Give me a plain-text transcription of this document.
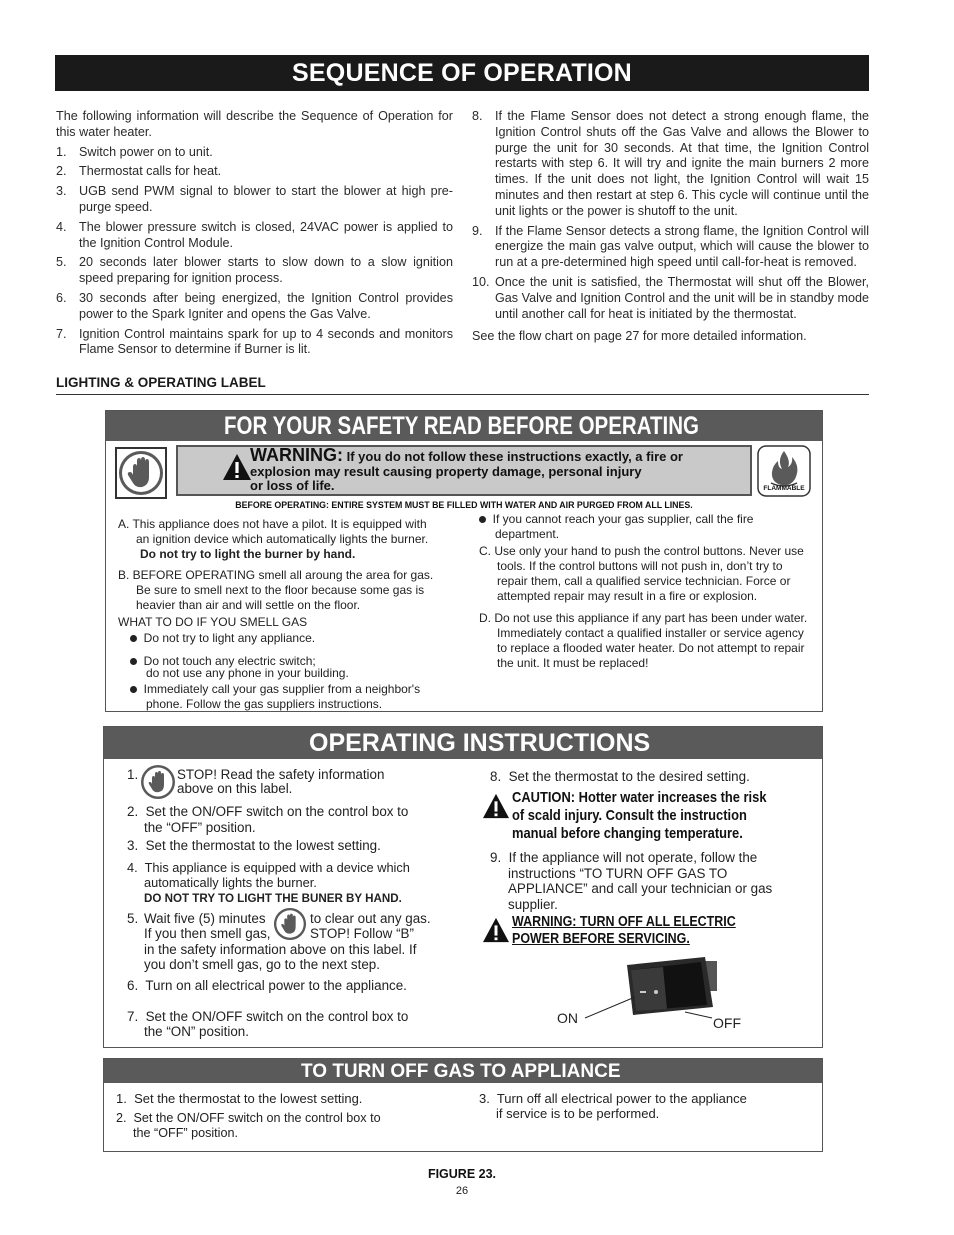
SEQUENCE OF OPERATION

The following information will describe the Sequence of Operation for this water heater.

1. Switch power on to unit.
2. Thermostat calls for heat.
3. UGB send PWM signal to blower to start the blower at high pre-purge speed.
4. The blower pressure switch is closed, 24VAC power is applied to the Ignition Control Module.
5. 20 seconds later blower starts to slow down to a slow ignition speed preparing for ignition process.
6. 30 seconds after being energized, the Ignition Control provides power to the Spark Igniter and opens the Gas Valve.
7. Ignition Control maintains spark for up to 4 seconds and monitors Flame Sensor to determine if Burner is lit.
8. If the Flame Sensor does not detect a strong enough flame, the Ignition Control shuts off the Gas Valve and allows the Blower to purge the unit for 30 seconds. At that time, the Ignition Control restarts with step 6. It will try and ignite the main burners 2 more times. If the unit does not light, the Ignition Control will wait 15 minutes and then restart at step 6. This cycle will continue until the unit lights or the power is shutoff to the unit.
9. If the Flame Sensor detects a strong flame, the Ignition Control will energize the main gas valve output, which will cause the blower to run at a pre-determined high speed until call-for-heat is removed.
10. Once the unit is satisfied, the Thermostat will shut off the Blower, Gas Valve and Ignition Control and the unit will be in standby mode until another call for heat is initiated by the thermostat.

See the flow chart on page 27 for more detailed information.

LIGHTING & OPERATING LABEL
FOR YOUR SAFETY READ BEFORE OPERATING
WARNING: If you do not follow these instructions exactly, a fire or
explosion may result causing property damage, personal injury
or loss of life.	FLAMMABLE
BEFORE OPERATING: ENTIRE SYSTEM MUST BE FILLED WITH WATER AND AIR PURGED FROM ALL LINES.
A. This appliance does not have a pilot. It is equipped with
an ignition device which automatically lights the burner.
Do not try to light the burner by hand.
B. BEFORE OPERATING smell all aroung the area for gas.
Be sure to smell next to the floor because some gas is
heavier than air and will settle on the floor.
WHAT TO DO IF YOU SMELL GAS
Do not try to light any appliance.
Do not touch any electric switch;
do not use any phone in your building.
Immediately call your gas supplier from a neighbor's
phone. Follow the gas suppliers instructions.
If you cannot reach your gas supplier, call the fire
department.
C. Use only your hand to push the control buttons. Never use
tools. If the control buttons will not push in, don’t try to
repair them, call a qualified service technician. Force or
attempted repair may result in a fire or explosion.
D. Do not use this appliance if any part has been under water.
Immediately contact a qualified installer or service agency
to replace a flooded water heater. Do not attempt to repair
the unit. It must be replaced!
OPERATING INSTRUCTIONS
1.	STOP! Read the safety information
above on this label.
2. Set the ON/OFF switch on the control box to
the “OFF” position.
3. Set the thermostat to the lowest setting.
4. This appliance is equipped with a device which
automatically lights the burner.
DO NOT TRY TO LIGHT THE BUNER BY HAND.
5. Wait five (5) minutes	to clear out any gas.
If you then smell gas,	STOP! Follow “B”
in the safety information above on this label. If
you don’t smell gas, go to the next step.
6. Turn on all electrical power to the appliance.
7. Set the ON/OFF switch on the control box to
the “ON” position.
8. Set the thermostat to the desired setting.
CAUTION: Hotter water increases the risk
of scald injury. Consult the instruction
manual before changing temperature.
9. If the appliance will not operate, follow the
instructions “TO TURN OFF GAS TO
APPLIANCE” and call your technician or gas
supplier.
WARNING: TURN OFF ALL ELECTRIC
POWER BEFORE SERVICING.
ON	OFF
TO TURN OFF GAS TO APPLIANCE
1. Set the thermostat to the lowest setting.
2. Set the ON/OFF switch on the control box to
the “OFF” position.
3. Turn off all electrical power to the appliance
if service is to be performed.
FIGURE 23.
26
